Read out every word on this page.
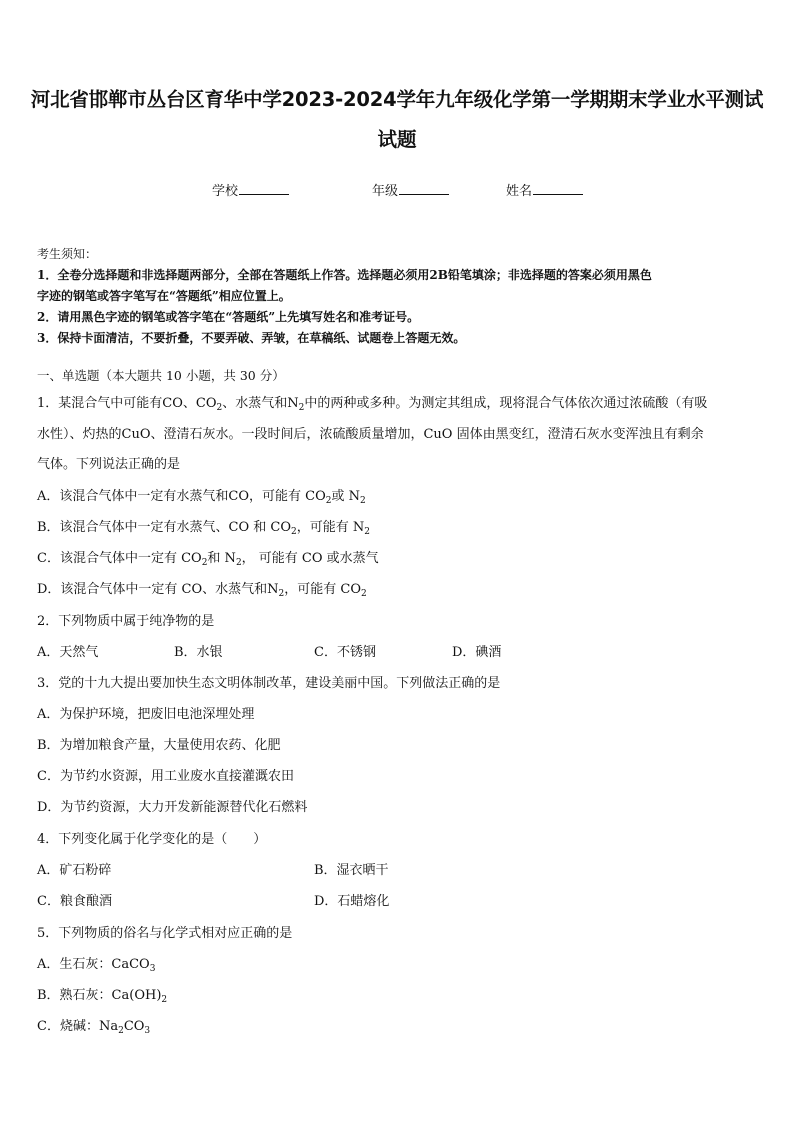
河北省邯郸市丛台区育华中学2023-2024学年九年级化学第一学期期末学业水平测试
试题
学校	年级	姓名
考生须知：
1．全卷分选择题和非选择题两部分，全部在答题纸上作答。选择题必须用2B铅笔填涂；非选择题的答案必须用黑色
字迹的钢笔或答字笔写在“答题纸”相应位置上。
2．请用黑色字迹的钢笔或答字笔在“答题纸”上先填写姓名和准考证号。
3．保持卡面清洁，不要折叠，不要弄破、弄皱，在草稿纸、试题卷上答题无效。
一、单选题（本大题共 10 小题，共 30 分）
1．某混合气中可能有CO、$CO_2$、水蒸气和$N_2$中的两种或多种。为测定其组成，现将混合气体依次通过浓硫酸（有吸
水性）、灼热的CuO、澄清石灰水。一段时间后，浓硫酸质量增加，CuO 固体由黑变红，澄清石灰水变浑浊且有剩余
气体。下列说法正确的是
A．该混合气体中一定有水蒸气和CO，可能有 $CO_2$或 $N_2$
B．该混合气体中一定有水蒸气、CO 和 $CO_2$，可能有 $N_2$
C．该混合气体中一定有 $CO_2$和 $N_2$， 可能有 CO 或水蒸气
D．该混合气体中一定有 CO、水蒸气和$N_2$，可能有 $CO_2$
2．下列物质中属于纯净物的是
A．天然气	B．水银	C．不锈钢	D．碘酒
3．党的十九大提出要加快生态文明体制改革，建设美丽中国。下列做法正确的是
A．为保护环境，把废旧电池深埋处理
B．为增加粮食产量，大量使用农药、化肥
C．为节约水资源，用工业废水直接灌溉农田
D．为节约资源，大力开发新能源替代化石燃料
4．下列变化属于化学变化的是（　　）
A．矿石粉碎	B．湿衣晒干
C．粮食酿酒	D．石蜡熔化
5．下列物质的俗名与化学式相对应正确的是
A．生石灰：CaCO$_3$
B．熟石灰：$Ca(OH)_2$
C．烧碱：$Na_2CO_3$
